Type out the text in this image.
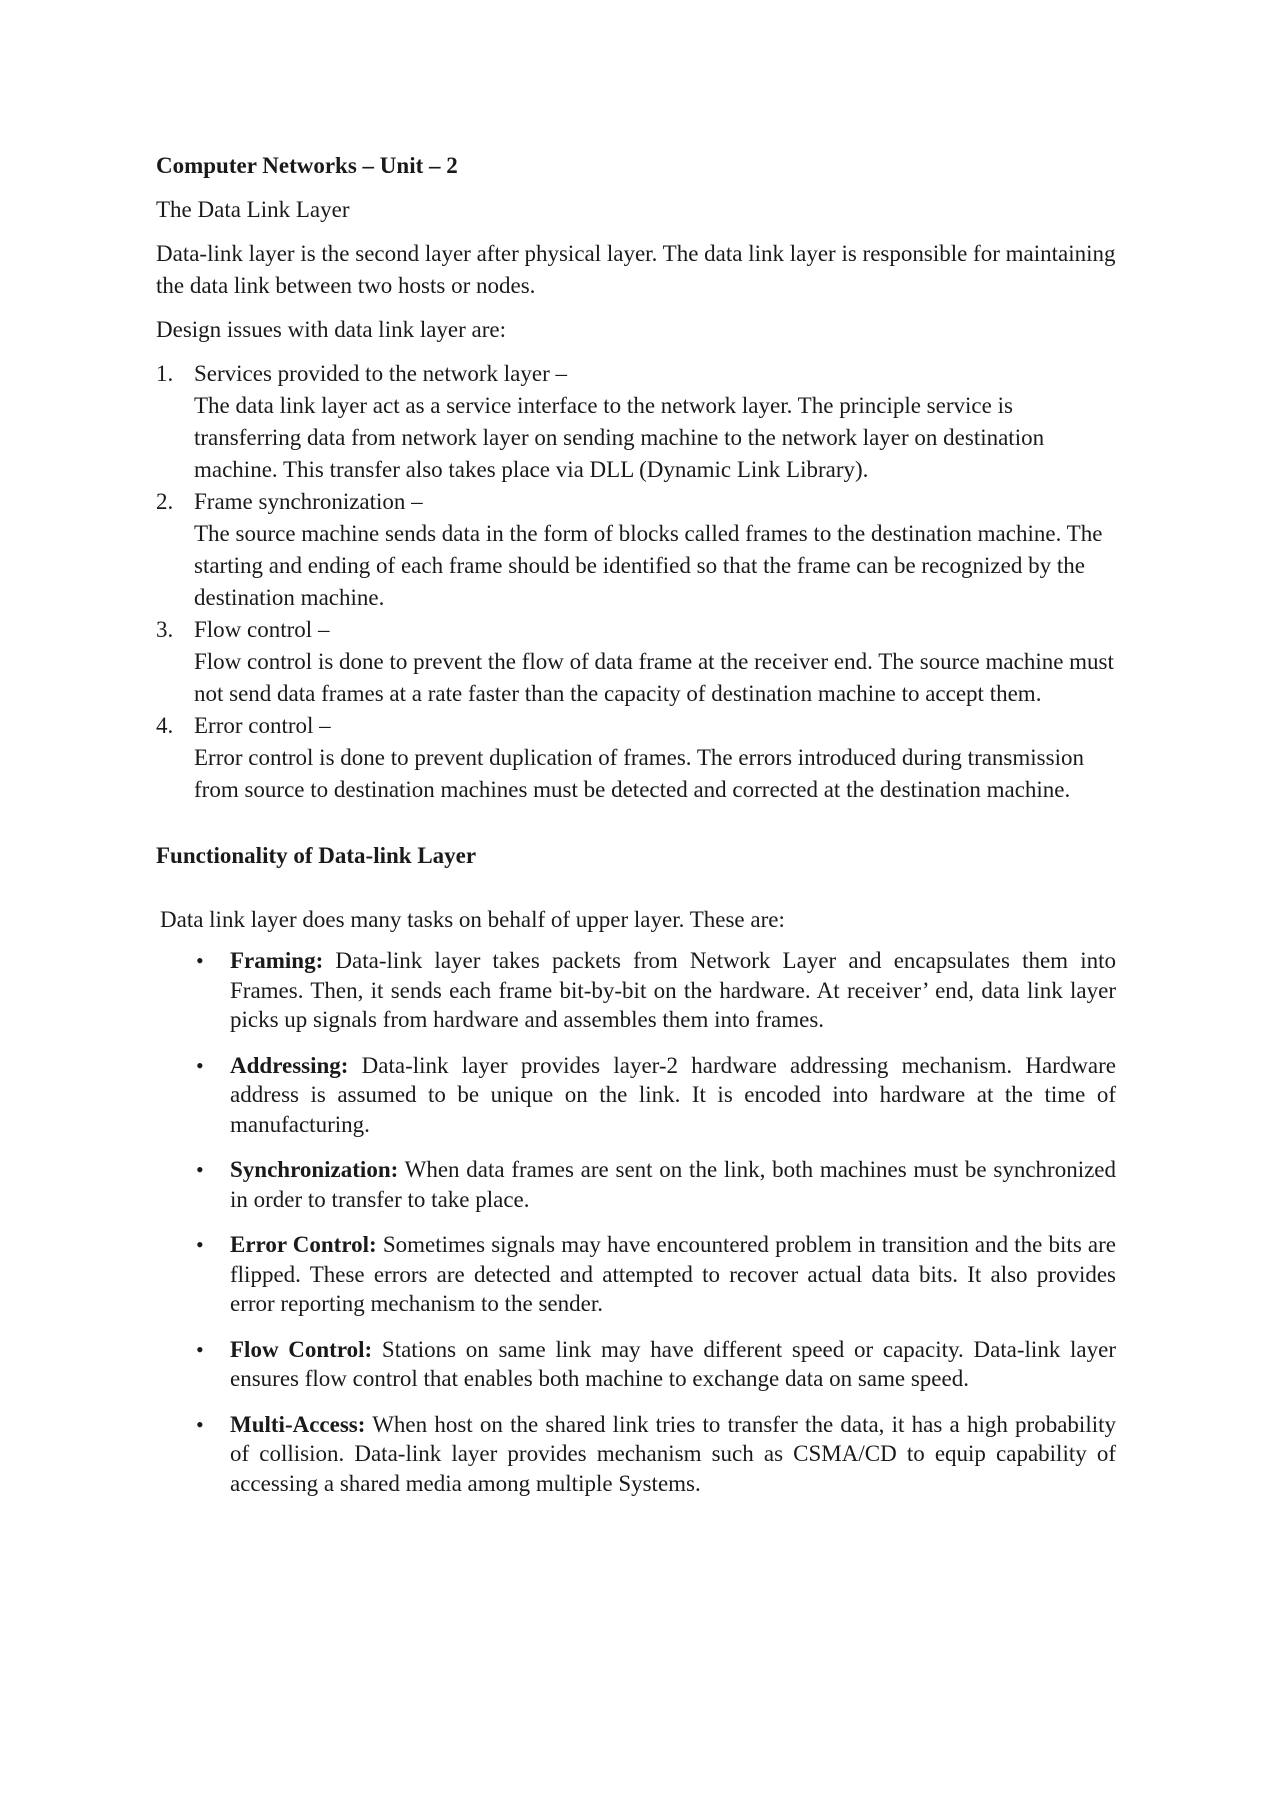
Computer Networks – Unit – 2
The Data Link Layer

Data-link layer is the second layer after physical layer. The data link layer is responsible for maintaining the data link between two hosts or nodes.

Design issues with data link layer are:

1. Services provided to the network layer –
The data link layer act as a service interface to the network layer. The principle service is transferring data from network layer on sending machine to the network layer on destination machine. This transfer also takes place via DLL (Dynamic Link Library).
2. Frame synchronization –
The source machine sends data in the form of blocks called frames to the destination machine. The starting and ending of each frame should be identified so that the frame can be recognized by the destination machine.
3. Flow control –
Flow control is done to prevent the flow of data frame at the receiver end. The source machine must not send data frames at a rate faster than the capacity of destination machine to accept them.
4. Error control –
Error control is done to prevent duplication of frames. The errors introduced during transmission from source to destination machines must be detected and corrected at the destination machine.
Functionality of Data-link Layer

Data link layer does many tasks on behalf of upper layer. These are:

• Framing: Data-link layer takes packets from Network Layer and encapsulates them into Frames. Then, it sends each frame bit-by-bit on the hardware. At receiver’ end, data link layer picks up signals from hardware and assembles them into frames.
• Addressing: Data-link layer provides layer-2 hardware addressing mechanism. Hardware address is assumed to be unique on the link. It is encoded into hardware at the time of manufacturing.
• Synchronization: When data frames are sent on the link, both machines must be synchronized in order to transfer to take place.
• Error Control: Sometimes signals may have encountered problem in transition and the bits are flipped. These errors are detected and attempted to recover actual data bits. It also provides error reporting mechanism to the sender.
• Flow Control: Stations on same link may have different speed or capacity. Data-link layer ensures flow control that enables both machine to exchange data on same speed.
• Multi-Access: When host on the shared link tries to transfer the data, it has a high probability of collision. Data-link layer provides mechanism such as CSMA/CD to equip capability of accessing a shared media among multiple Systems.
